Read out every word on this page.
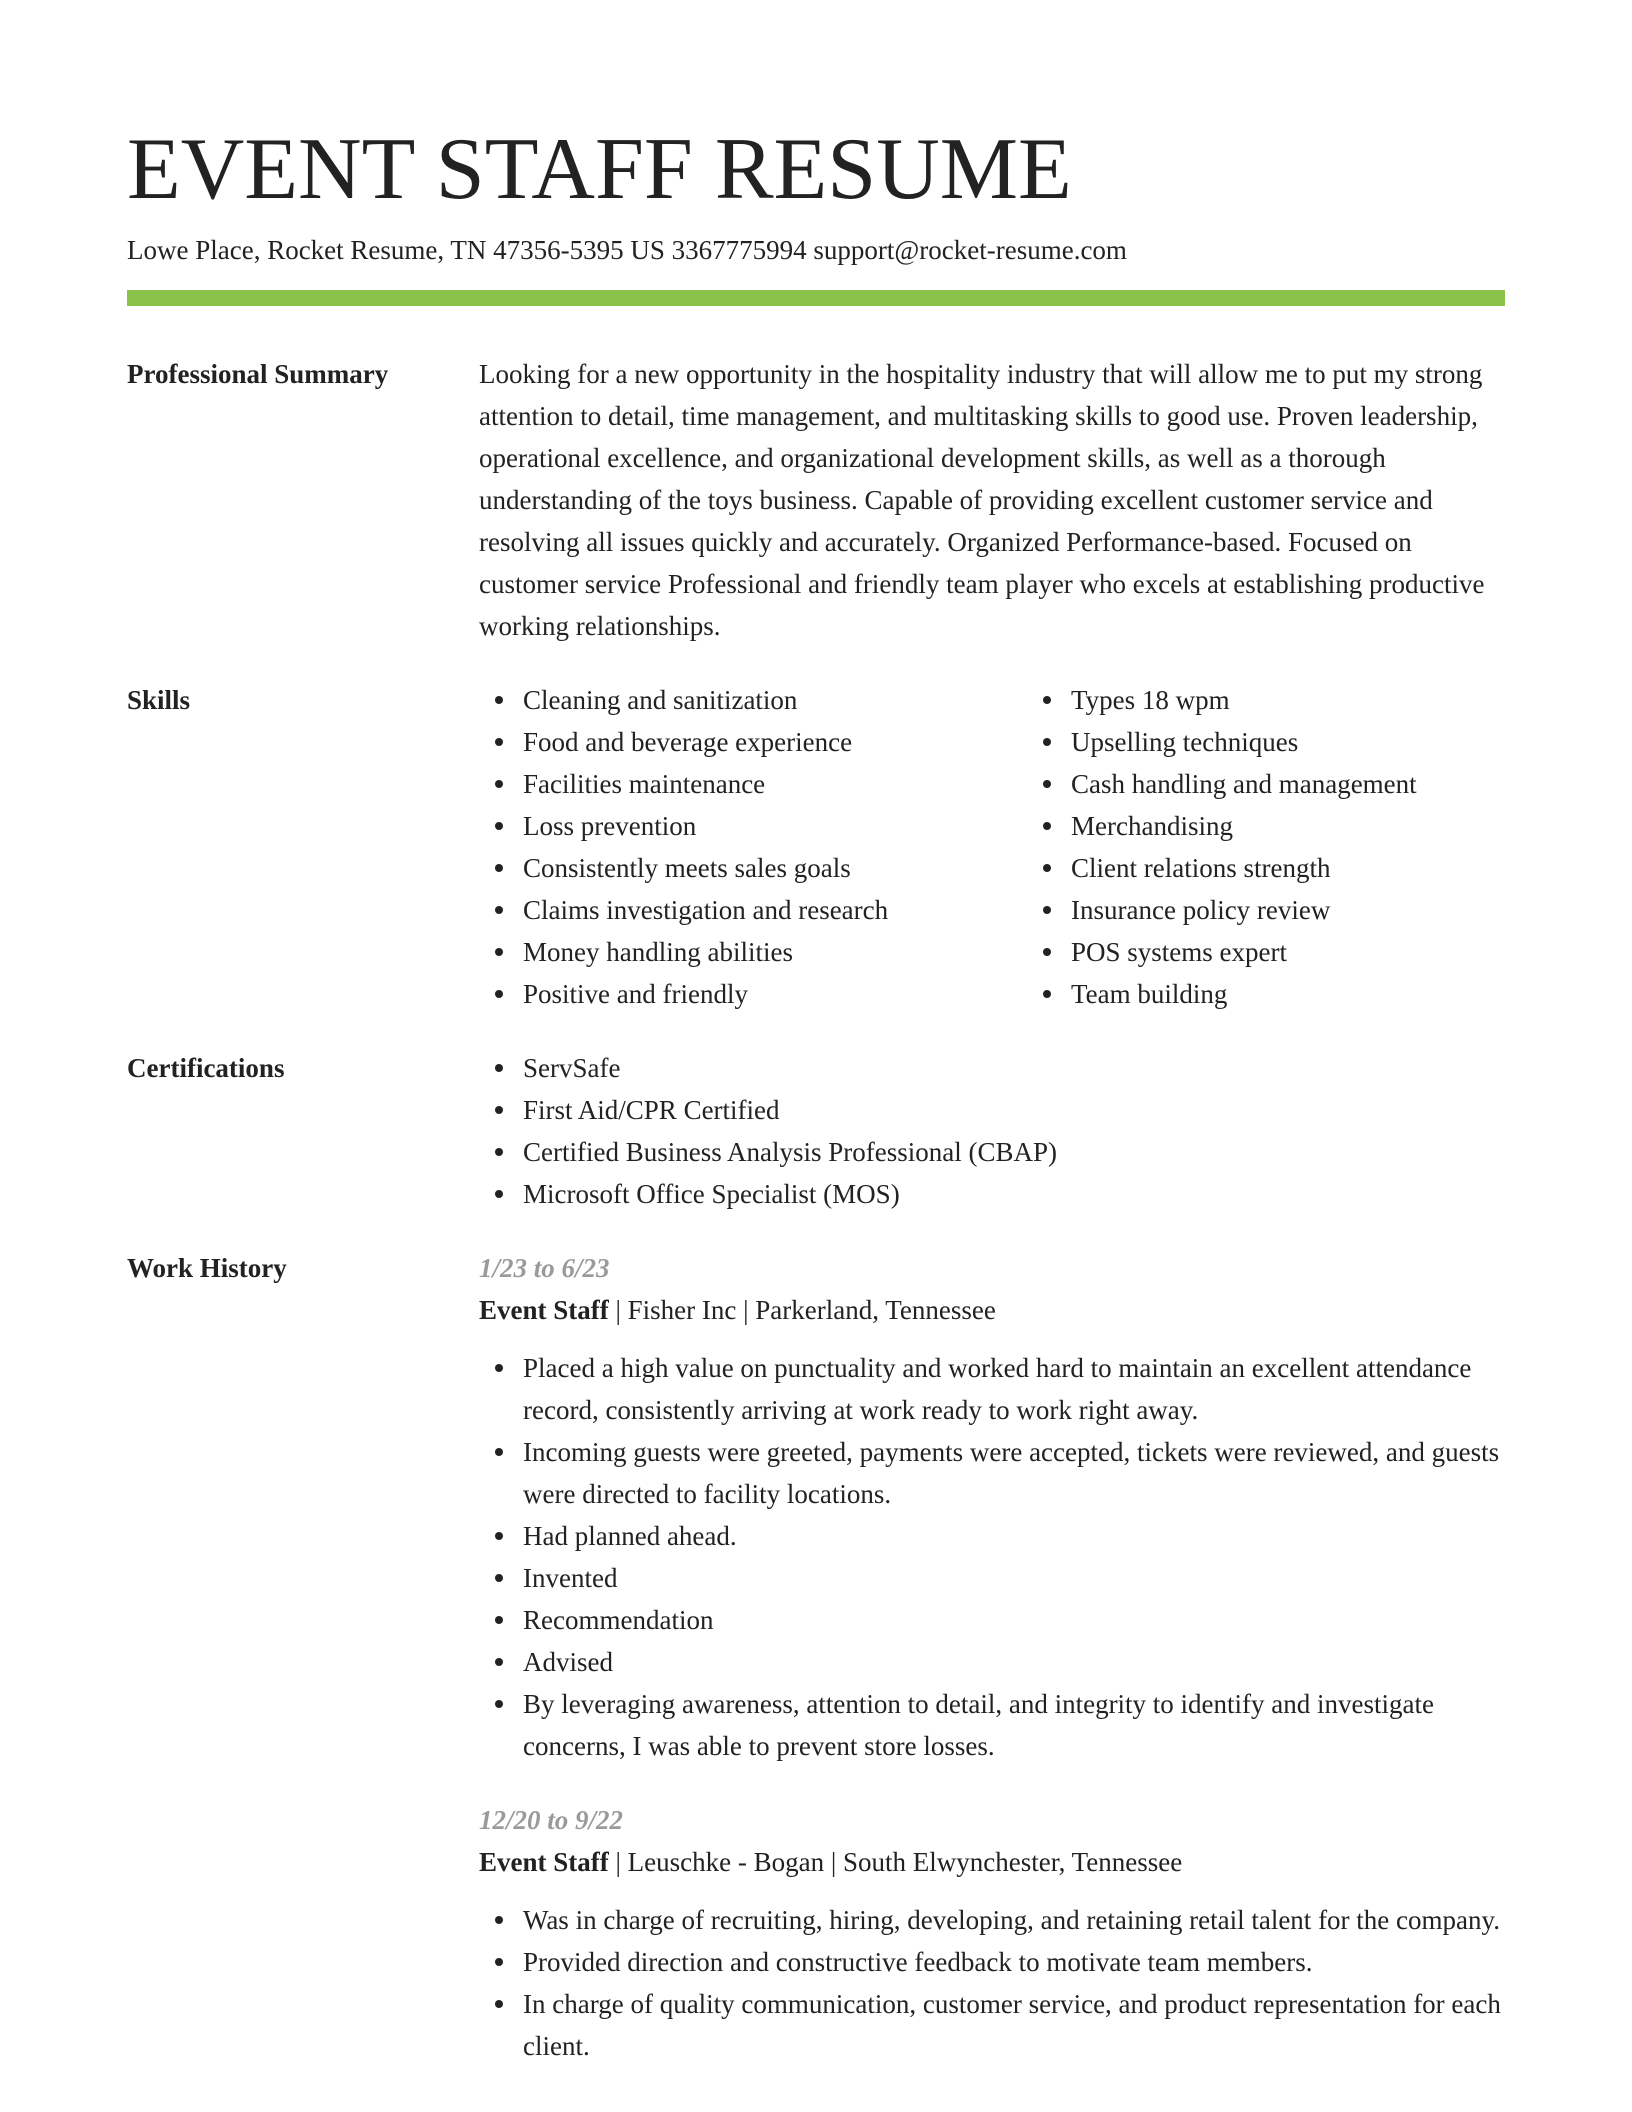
EVENT STAFF RESUME
Lowe Place, Rocket Resume, TN 47356-5395 US 3367775994 support@rocket-resume.com
Professional Summary	Looking for a new opportunity in the hospitality industry that will allow me to put my strong attention to detail, time management, and multitasking skills to good use. Proven leadership, operational excellence, and organizational development skills, as well as a thorough understanding of the toys business. Capable of providing excellent customer service and resolving all issues quickly and accurately. Organized Performance-based. Focused on customer service Professional and friendly team player who excels at establishing productive working relationships.

Skills	Cleaning and sanitization
Food and beverage experience
Facilities maintenance
Loss prevention
Consistently meets sales goals
Claims investigation and research
Money handling abilities
Positive and friendly
Types 18 wpm
Upselling techniques
Cash handling and management
Merchandising
Client relations strength
Insurance policy review
POS systems expert
Team building
Certifications	ServSafe
First Aid/CPR Certified
Certified Business Analysis Professional (CBAP)
Microsoft Office Specialist (MOS)
Work History	1/23 to 6/23
Event Staff | Fisher Inc | Parkerland, Tennessee
Placed a high value on punctuality and worked hard to maintain an excellent attendance record, consistently arriving at work ready to work right away.
Incoming guests were greeted, payments were accepted, tickets were reviewed, and guests were directed to facility locations.
Had planned ahead.
Invented
Recommendation
Advised
By leveraging awareness, attention to detail, and integrity to identify and investigate concerns, I was able to prevent store losses.
12/20 to 9/22
Event Staff | Leuschke - Bogan | South Elwynchester, Tennessee
Was in charge of recruiting, hiring, developing, and retaining retail talent for the company.
Provided direction and constructive feedback to motivate team members.
In charge of quality communication, customer service, and product representation for each client.
